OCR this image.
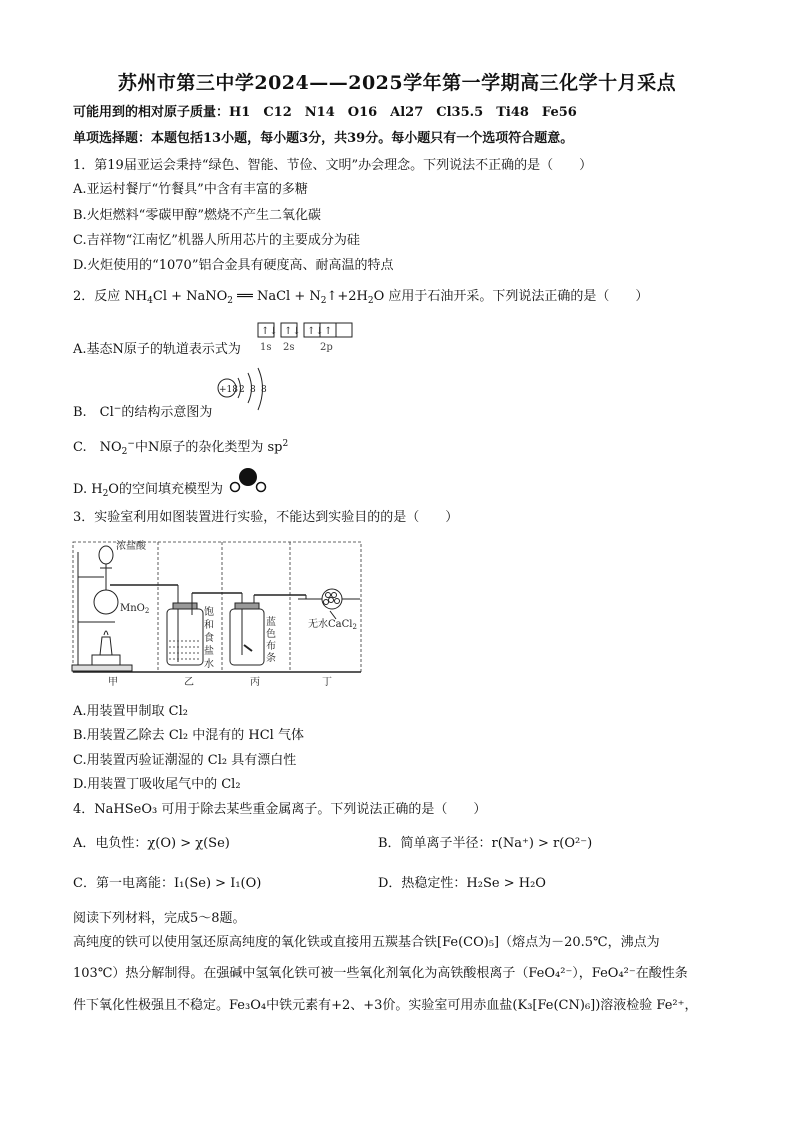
苏州市第三中学2024——2025学年第一学期高三化学十月采点
可能用到的相对原子质量：H1　C12　N14　O16　Al27　Cl35.5　Ti48　Fe56
单项选择题：本题包括13小题，每小题3分，共39分。每小题只有一个选项符合题意。
1．第19届亚运会秉持“绿色、智能、节俭、文明”办会理念。下列说法不正确的是（　　）
A.亚运村餐厅“竹餐具”中含有丰富的多糖
B.火炬燃料“零碳甲醇”燃烧不产生二氧化碳
C.吉祥物“江南忆”机器人所用芯片的主要成分为硅
D.火炬使用的“1070”铝合金具有硬度高、耐高温的特点
2．反应 $NH_4Cl$ + NaNO$_2$ ══ NaCl + $N_2↑+2H_2O$ 应用于石油开采。下列说法正确的是（　　）
A.基态N原子的轨道表示式为
↑↓ ↑↓ ↑↓ ↑
1s 2s	2p
B.　Cl−的结构示意图为
+18 2 8 8
C.　$NO_2^-$中N原子的杂化类型为 $sp^2$
D. $H_2O$的空间填充模型为
3．实验室利用如图装置进行实验，不能达到实验目的的是（　　）
浓盐酸
MnO$_2$	饱
和
食
盐
水
蓝
色
布
条
无水CaCl$_2$
甲	乙	丙	丁
A.用装置甲制取 Cl₂
B.用装置乙除去 Cl₂ 中混有的 HCl 气体
C.用装置丙验证潮湿的 Cl₂ 具有漂白性
D.用装置丁吸收尾气中的 Cl₂
4．NaHSeO₃ 可用于除去某些重金属离子。下列说法正确的是（　　）
A．电负性：χ(O) > χ(Se)	B．简单离子半径：r(Na⁺) > r(O²⁻)
C．第一电离能：I₁(Se) > I₁(O)	D．热稳定性：H₂Se > H₂O
阅读下列材料，完成5～8题。
高纯度的铁可以使用氢还原高纯度的氧化铁或直接用五羰基合铁[Fe(CO)₅]（熔点为－20.5℃，沸点为
103℃）热分解制得。在强碱中氢氧化铁可被一些氧化剂氧化为高铁酸根离子（FeO₄²⁻），FeO₄²⁻在酸性条
件下氧化性极强且不稳定。Fe₃O₄中铁元素有+2、+3价。实验室可用赤血盐(K₃[Fe(CN)₆])溶液检验 Fe²⁺，
